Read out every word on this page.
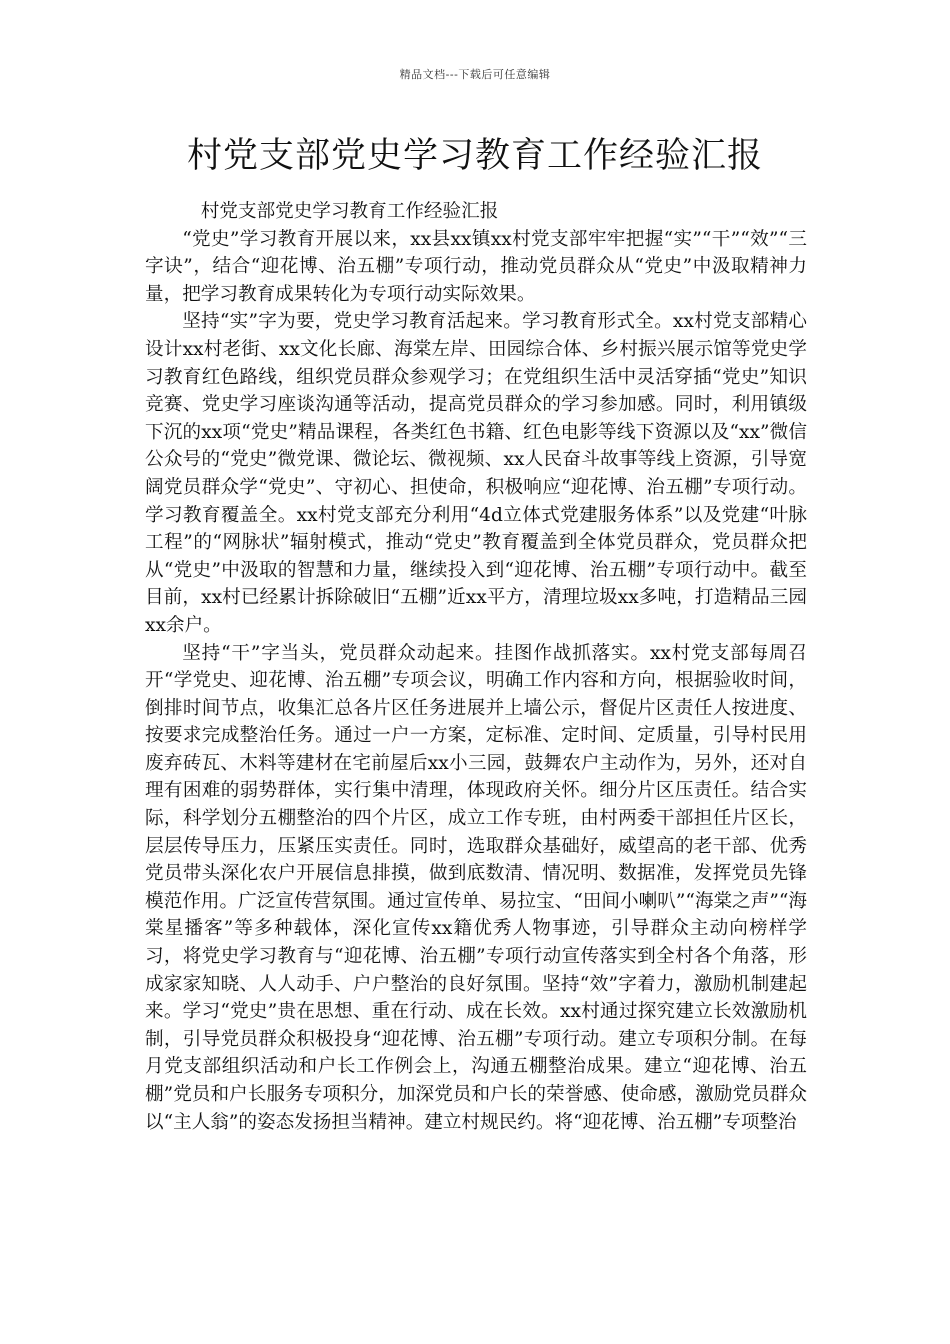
精品文档---下载后可任意编辑
村党支部党史学习教育工作经验汇报

村党支部党史学习教育工作经验汇报

“党史”学习教育开展以来，xx县xx镇xx村党支部牢牢把握“实”“干”“效”“三字诀”，结合“迎花博、治五棚”专项行动，推动党员群众从“党史”中汲取精神力量，把学习教育成果转化为专项行动实际效果。

坚持“实”字为要，党史学习教育活起来。学习教育形式全。xx村党支部精心设计xx村老街、xx文化长廊、海棠左岸、田园综合体、乡村振兴展示馆等党史学习教育红色路线，组织党员群众参观学习；在党组织生活中灵活穿插“党史”知识竞赛、党史学习座谈沟通等活动，提高党员群众的学习参加感。同时，利用镇级下沉的xx项“党史”精品课程，各类红色书籍、红色电影等线下资源以及“xx”微信公众号的“党史”微党课、微论坛、微视频、xx人民奋斗故事等线上资源，引导宽阔党员群众学“党史”、守初心、担使命，积极响应“迎花博、治五棚”专项行动。学习教育覆盖全。xx村党支部充分利用“4d立体式党建服务体系”以及党建“叶脉工程”的“网脉状”辐射模式，推动“党史”教育覆盖到全体党员群众，党员群众把从“党史”中汲取的智慧和力量，继续投入到“迎花博、治五棚”专项行动中。截至目前，xx村已经累计拆除破旧“五棚”近xx平方，清理垃圾xx多吨，打造精品三园xx余户。

坚持“干”字当头，党员群众动起来。挂图作战抓落实。xx村党支部每周召开“学党史、迎花博、治五棚”专项会议，明确工作内容和方向，根据验收时间，倒排时间节点，收集汇总各片区任务进展并上墙公示，督促片区责任人按进度、按要求完成整治任务。通过一户一方案，定标准、定时间、定质量，引导村民用废弃砖瓦、木料等建材在宅前屋后xx小三园，鼓舞农户主动作为，另外，还对自理有困难的弱势群体，实行集中清理，体现政府关怀。细分片区压责任。结合实际，科学划分五棚整治的四个片区，成立工作专班，由村两委干部担任片区长，层层传导压力，压紧压实责任。同时，选取群众基础好，威望高的老干部、优秀党员带头深化农户开展信息排摸，做到底数清、情况明、数据准，发挥党员先锋模范作用。广泛宣传营氛围。通过宣传单、易拉宝、“田间小喇叭”“海棠之声”“海棠星播客”等多种载体，深化宣传xx籍优秀人物事迹，引导群众主动向榜样学习，将党史学习教育与“迎花博、治五棚”专项行动宣传落实到全村各个角落，形成家家知晓、人人动手、户户整治的良好氛围。坚持“效”字着力，激励机制建起来。学习“党史”贵在思想、重在行动、成在长效。xx村通过探究建立长效激励机制，引导党员群众积极投身“迎花博、治五棚”专项行动。建立专项积分制。在每月党支部组织活动和户长工作例会上，沟通五棚整治成果。建立“迎花博、治五棚”党员和户长服务专项积分，加深党员和户长的荣誉感、使命感，激励党员群众以“主人翁”的姿态发扬担当精神。建立村规民约。将“迎花博、治五棚”专项整治
